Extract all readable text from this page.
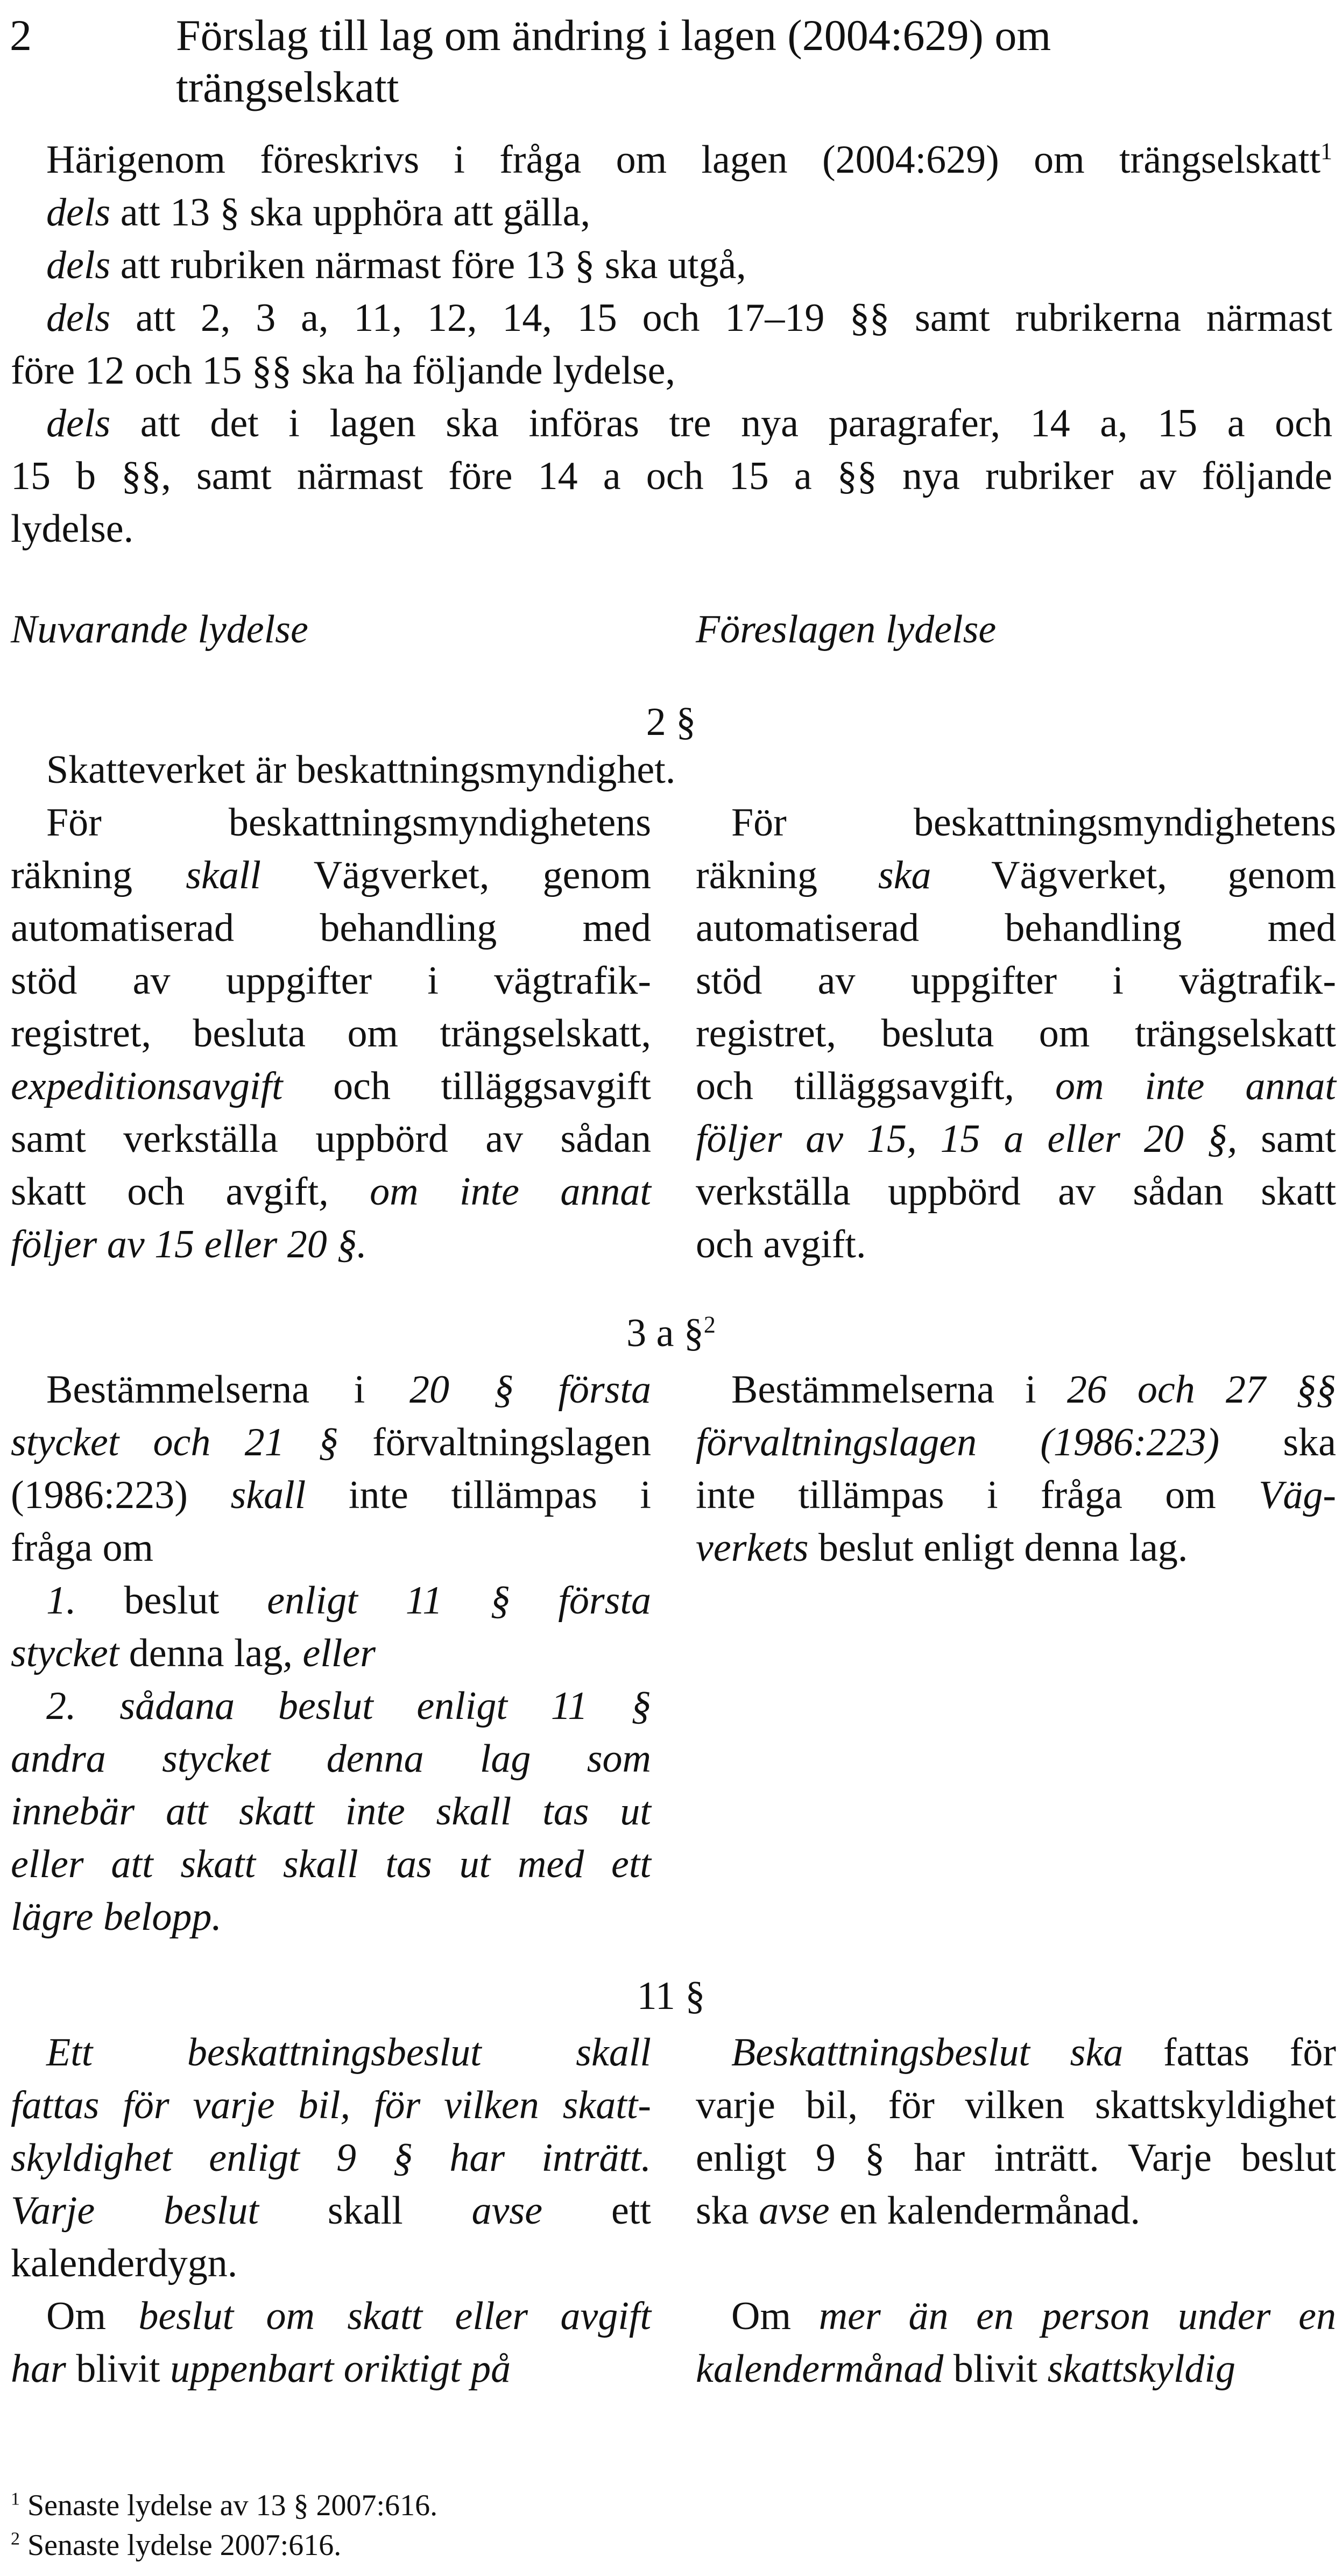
2	Förslag till lag om ändring i lagen (2004:629) om
trängselskatt
Härigenom föreskrivs i fråga om lagen (2004:629) om trängselskatt$^1$
dels att 13 § ska upphöra att gälla,
dels att rubriken närmast före 13 § ska utgå,
dels att 2, 3 a, 11, 12, 14, 15 och 17–19 §§ samt rubrikerna närmast
före 12 och 15 §§ ska ha följande lydelse,
dels att det i lagen ska införas tre nya paragrafer, 14 a, 15 a och
15 b §§, samt närmast före 14 a och 15 a §§ nya rubriker av följande
lydelse.
Nuvarande lydelse	Föreslagen lydelse
2 §
Skatteverket är beskattningsmyndighet.
För beskattningsmyndighetens
räkning skall Vägverket, genom
automatiserad behandling med
stöd av uppgifter i vägtrafik-
registret, besluta om trängselskatt,
expeditionsavgift och tilläggsavgift
samt verkställa uppbörd av sådan
skatt och avgift, om inte annat
följer av 15 eller 20 §.
För beskattningsmyndighetens
räkning ska Vägverket, genom
automatiserad behandling med
stöd av uppgifter i vägtrafik-
registret, besluta om trängselskatt
och tilläggsavgift, om inte annat
följer av 15, 15 a eller 20 §, samt
verkställa uppbörd av sådan skatt
och avgift.
3 a §$^2$
Bestämmelserna i 20 § första
stycket och 21 § förvaltningslagen
(1986:223) skall inte tillämpas i
fråga om
1. beslut enligt 11 § första
stycket denna lag, eller
2. sådana beslut enligt 11 §
andra stycket denna lag som
innebär att skatt inte skall tas ut
eller att skatt skall tas ut med ett
lägre belopp.
Bestämmelserna i 26 och 27 §§
förvaltningslagen (1986:223) ska
inte tillämpas i fråga om Väg-
verkets beslut enligt denna lag.
11 §
Ett beskattningsbeslut skall
fattas för varje bil, för vilken skatt-
skyldighet enligt 9 § har inträtt.
Varje beslut skall avse ett
kalenderdygn.
Om beslut om skatt eller avgift
har blivit uppenbart oriktigt på
Beskattningsbeslut ska fattas för
varje bil, för vilken skattskyldighet
enligt 9 § har inträtt. Varje beslut
ska avse en kalendermånad.

Om mer än en person under en
kalendermånad blivit skattskyldig
$^1$ Senaste lydelse av 13 § 2007:616.
$^2$ Senaste lydelse 2007:616.
